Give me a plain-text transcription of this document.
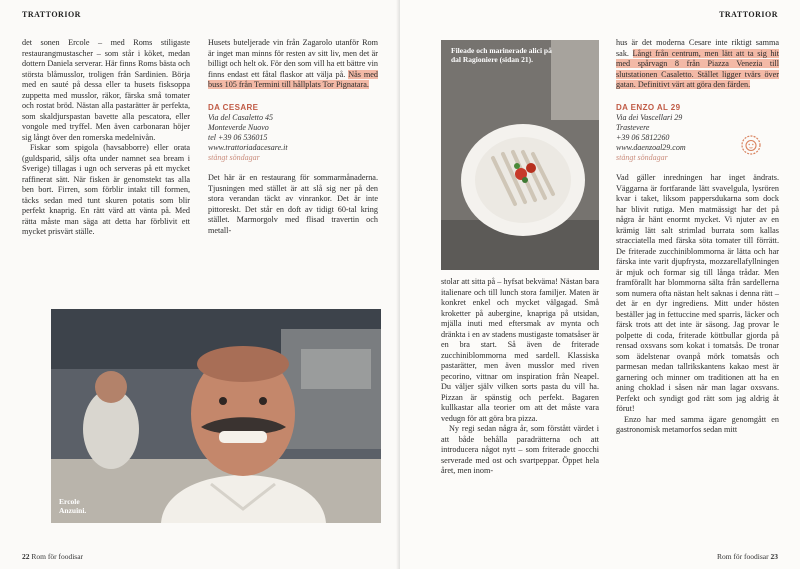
TRATTORIOR

det sonen Ercole – med Roms stiligaste restaurangmustascher – som står i köket, medan dottern Daniela serverar. Här finns Roms bästa och största blåmusslor, troligen från Sardinien. Börja med en sauté på dessa eller ta husets fisksoppa zuppetta med musslor, räkor, färska små tomater och rostat bröd. Nästan alla pastarätter är perfekta, som skaldjurspastan bavette alla pescatora, eller vongole med tryffel. Men även carbonaran höjer sig långt över den romerska medelnivån.

Fiskar som spigola (havsabborre) eller orata (guldsparid, säljs ofta under namnet sea bream i Sverige) tillagas i ugn och serveras på ett mycket raffinerat sätt. När fisken är genomstekt tas alla ben bort. Firren, som förblir intakt till formen, täcks sedan med tunt skuren potatis som blir perfekt knaprig. En rätt värd att vänta på. Med rätta måste man säga att detta har förblivit ett mycket prisvärt ställe.

Husets buteljerade vin från Zagarolo utanför Rom är inget man minns för resten av sitt liv, men det är billigt och helt ok. För den som vill ha ett bättre vin finns endast ett fåtal flaskor att välja på. Nås med buss 105 från Termini till hållplats Tor Pignatara.

DA CESARE
Via del Casaletto 45
Monteverde Nuovo
tel +39 06 536015
www.trattoriadacesare.it
stängt söndagar

Det här är en restaurang för sommarmånaderna. Tjusningen med stället är att slå sig ner på den stora verandan täckt av vinrankor. Det är inte pittoreskt. Det står en doft av tidigt 60-tal kring stället. Marmorgolv med flisad travertin och metall-

Ercole Anzuini.
22 Rom för foodisar
TRATTORIOR

stolar att sitta på – hyfsat bekväma! Nästan bara italienare och till lunch stora familjer. Maten är konkret enkel och mycket välgagad. Små kroketter på aubergine, knapriga på utsidan, mjälla inuti med eftersmak av mynta och dränkta i en av stadens mustigaste tomatsåser är en bra start. Så även de friterade zucchiniblommorna med sardell. Klassiska pastarätter, men även musslor med riven pecorino, vittnar om inspiration från Neapel. Du väljer själv vilken sorts pasta du vill ha. Pizzan är spänstig och perfekt. Bagaren kullkastar alla teorier om att det måste vara vedugn för att göra bra pizza.

Ny regi sedan några år, som förstått värdet i att både behålla paradrätterna och att introducera något nytt – som friterade gnocchi serverade med ost och svartpeppar. Öppet hela året, men inom-

hus är det moderna Cesare inte riktigt samma sak. Långt från centrum, men lätt att ta sig hit med spårvagn 8 från Piazza Venezia till slutstationen Casaletto. Stället ligger tvärs över gatan. Definitivt värt att göra den färden.

DA ENZO AL 29
Via dei Vascellari 29
Trastevere
+39 06 5812260
www.daenzoal29.com
stängt söndagar

Vad gäller inredningen har inget ändrats. Väggarna är fortfarande lätt svavelgula, lysrören kvar i taket, liksom pappersdukarna som dock har blivit rutiga. Men matmässigt har det på några år hänt enormt mycket. Vi njuter av en krämig lätt salt strimlad burrata som kallas stracciatella med färska söta tomater till förrätt. De friterade zucchiniblommorna är lätta och har färska inte varit djupfrysta, mozzarellafyllningen är mjuk och formar sig till långa trådar. Men framförallt har blommorna sälta från sardellerna som numera ofta nästan helt saknas i denna rätt – det är en dyr ingrediens. Mitt under hösten beställer jag in fettuccine med sparris, läcker och färsk trots att det inte är säsong. Jag provar le polpette di coda, friterade köttbullar gjorda på rensad oxsvans som kokat i tomatsås. De tronar som ädelstenar ovanpå mörk tomatsås och parmesan medan tallrikskantens kakao mest är garnering och minner om traditionen att ha en aning choklad i såsen när man lagar oxsvans. Perfekt och syndigt god rätt som jag aldrig åt förut!

Enzo har med samma ägare genomgått en gastronomisk metamorfos sedan mitt

Rom för foodisar 23
Fileade och marinerade alici på dal Ragioniere (sidan 21).
